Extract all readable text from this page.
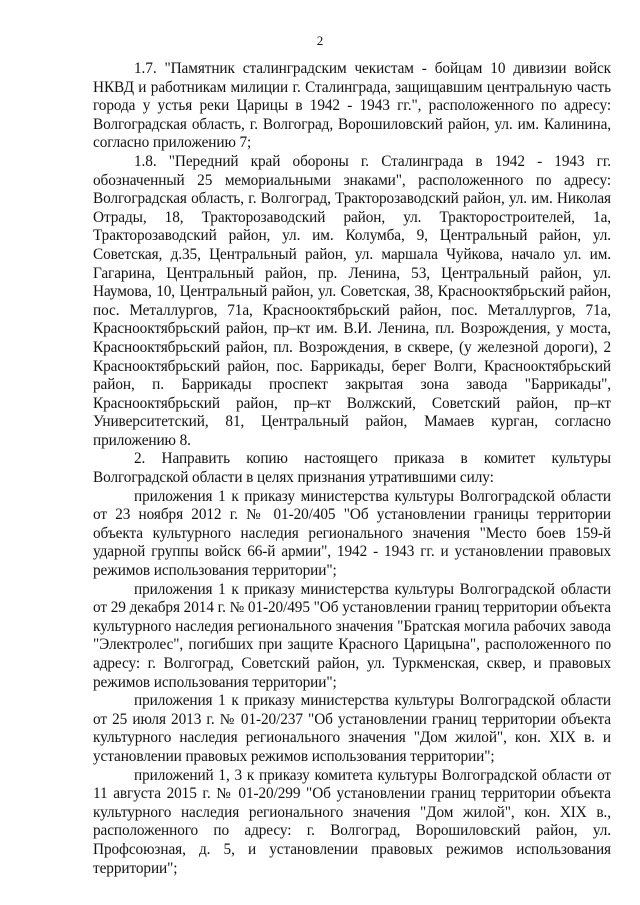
2

1.7. "Памятник сталинградским чекистам - бойцам 10 дивизии войск НКВД и работникам милиции г. Сталинграда, защищавшим центральную часть города у устья реки Царицы в 1942 - 1943 гг.", расположенного по адресу: Волгоградская область, г. Волгоград, Ворошиловский район, ул. им. Калинина, согласно приложению 7;

1.8. "Передний край обороны г. Сталинграда в 1942 - 1943 гг. обозначенный 25 мемориальными знаками", расположенного по адресу: Волгоградская область, г. Волгоград, Тракторозаводский район, ул. им. Николая Отрады, 18, Тракторозаводский район, ул. Тракторостроителей, 1а, Тракторозаводский район, ул. им. Колумба, 9, Центральный район, ул. Советская, д.35, Центральный район, ул. маршала Чуйкова, начало ул. им. Гагарина, Центральный район, пр. Ленина, 53, Центральный район, ул. Наумова, 10, Центральный район, ул. Советская, 38, Краснооктябрьский район, пос. Металлургов, 71а, Краснооктябрьский район, пос. Металлургов, 71а, Краснооктябрьский район, пр–кт им. В.И. Ленина, пл. Возрождения, у моста, Краснооктябрьский район, пл. Возрождения, в сквере, (у железной дороги), 2 Краснооктябрьский район, пос. Баррикады, берег Волги, Краснооктябрьский район, п. Баррикады проспект закрытая зона завода "Баррикады", Краснооктябрьский район, пр–кт Волжский, Советский район, пр–кт Университетский, 81, Центральный район, Мамаев курган, согласно приложению 8.

2. Направить копию настоящего приказа в комитет культуры Волгоградской области в целях признания утратившими силу:

приложения 1 к приказу министерства культуры Волгоградской области от 23 ноября 2012 г. № 01-20/405 "Об установлении границы территории объекта культурного наследия регионального значения "Место боев 159-й ударной группы войск 66-й армии", 1942 - 1943 гг. и установлении правовых режимов использования территории";

приложения 1 к приказу министерства культуры Волгоградской области от 29 декабря 2014 г. № 01-20/495 "Об установлении границ территории объекта культурного наследия регионального значения "Братская могила рабочих завода "Электролес", погибших при защите Красного Царицына", расположенного по адресу: г. Волгоград, Советский район, ул. Туркменская, сквер, и правовых режимов использования территории";

приложения 1 к приказу министерства культуры Волгоградской области от 25 июля 2013 г. № 01-20/237 "Об установлении границ территории объекта культурного наследия регионального значения "Дом жилой", кон. XIX в. и установлении правовых режимов использования территории";

приложений 1, 3 к приказу комитета культуры Волгоградской области от 11 августа 2015 г. № 01-20/299 "Об установлении границ территории объекта культурного наследия регионального значения "Дом жилой", кон. XIX в., расположенного по адресу: г. Волгоград, Ворошиловский район, ул. Профсоюзная, д. 5, и установлении правовых режимов использования территории";
